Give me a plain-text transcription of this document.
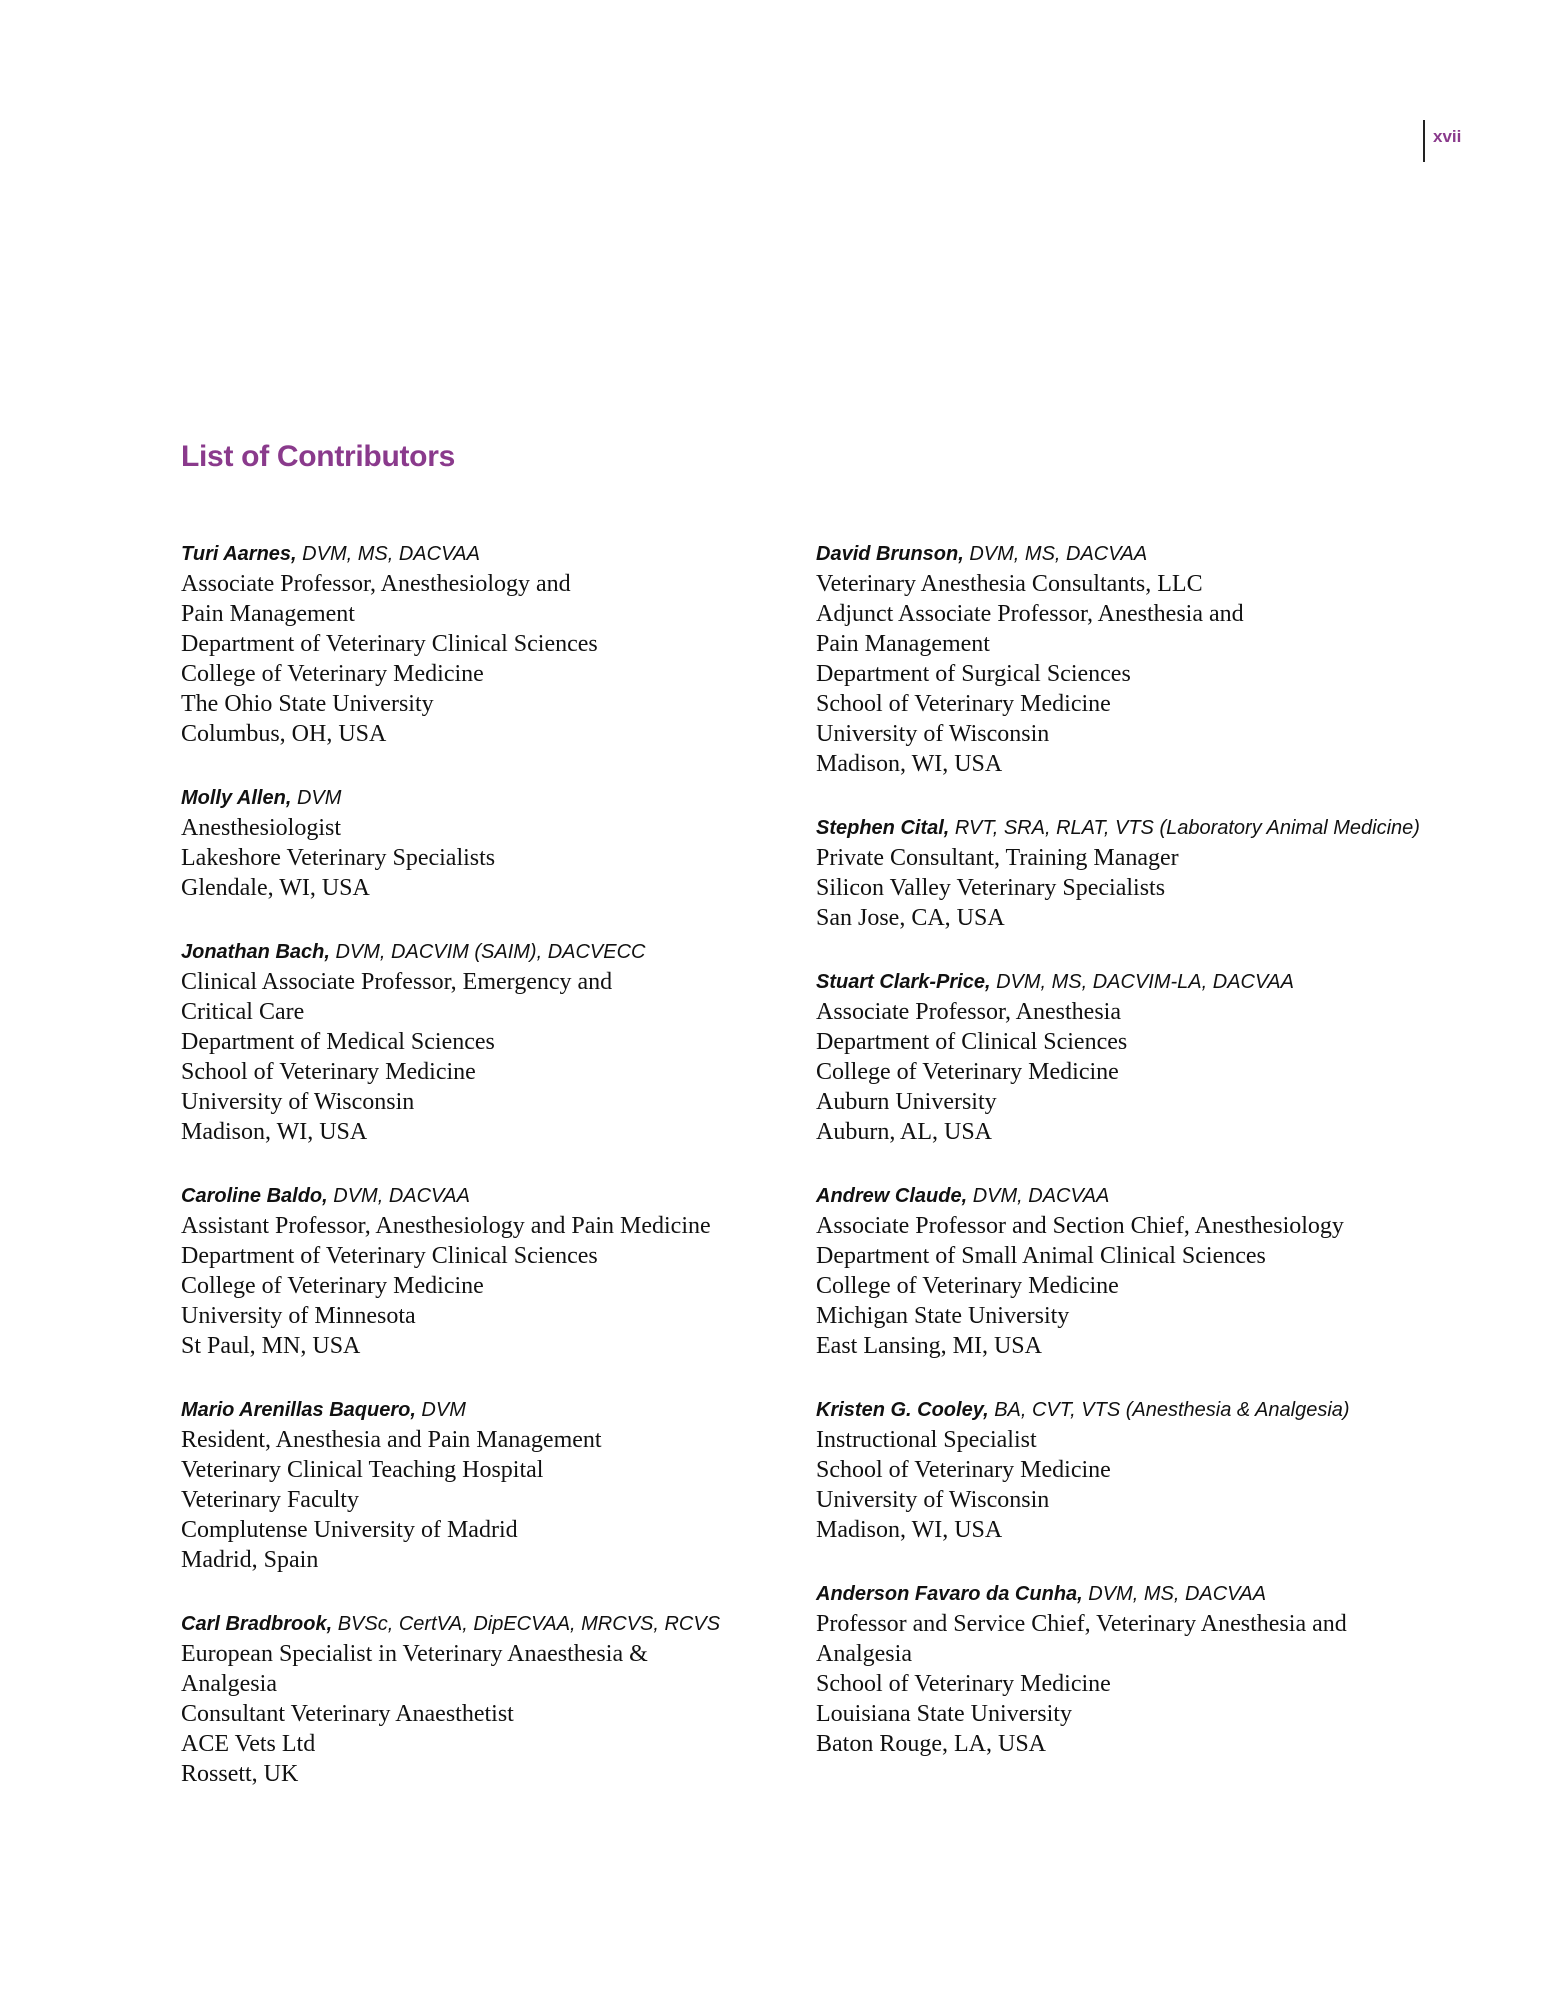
xvii
List of Contributors
Turi Aarnes, DVM, MS, DACVAA
Associate Professor, Anesthesiology and
Pain Management
Department of Veterinary Clinical Sciences
College of Veterinary Medicine
The Ohio State University
Columbus, OH, USA
Molly Allen, DVM
Anesthesiologist
Lakeshore Veterinary Specialists
Glendale, WI, USA
Jonathan Bach, DVM, DACVIM (SAIM), DACVECC
Clinical Associate Professor, Emergency and
Critical Care
Department of Medical Sciences
School of Veterinary Medicine
University of Wisconsin
Madison, WI, USA
Caroline Baldo, DVM, DACVAA
Assistant Professor, Anesthesiology and Pain Medicine
Department of Veterinary Clinical Sciences
College of Veterinary Medicine
University of Minnesota
St Paul, MN, USA
Mario Arenillas Baquero, DVM
Resident, Anesthesia and Pain Management
Veterinary Clinical Teaching Hospital
Veterinary Faculty
Complutense University of Madrid
Madrid, Spain
Carl Bradbrook, BVSc, CertVA, DipECVAA, MRCVS, RCVS
European Specialist in Veterinary Anaesthesia &
Analgesia
Consultant Veterinary Anaesthetist
ACE Vets Ltd
Rossett, UK
David Brunson, DVM, MS, DACVAA
Veterinary Anesthesia Consultants, LLC
Adjunct Associate Professor, Anesthesia and
Pain Management
Department of Surgical Sciences
School of Veterinary Medicine
University of Wisconsin
Madison, WI, USA
Stephen Cital, RVT, SRA, RLAT, VTS (Laboratory Animal Medicine)
Private Consultant, Training Manager
Silicon Valley Veterinary Specialists
San Jose, CA, USA
Stuart Clark-Price, DVM, MS, DACVIM-LA, DACVAA
Associate Professor, Anesthesia
Department of Clinical Sciences
College of Veterinary Medicine
Auburn University
Auburn, AL, USA
Andrew Claude, DVM, DACVAA
Associate Professor and Section Chief, Anesthesiology
Department of Small Animal Clinical Sciences
College of Veterinary Medicine
Michigan State University
East Lansing, MI, USA
Kristen G. Cooley, BA, CVT, VTS (Anesthesia & Analgesia)
Instructional Specialist
School of Veterinary Medicine
University of Wisconsin
Madison, WI, USA
Anderson Favaro da Cunha, DVM, MS, DACVAA
Professor and Service Chief, Veterinary Anesthesia and
Analgesia
School of Veterinary Medicine
Louisiana State University
Baton Rouge, LA, USA
